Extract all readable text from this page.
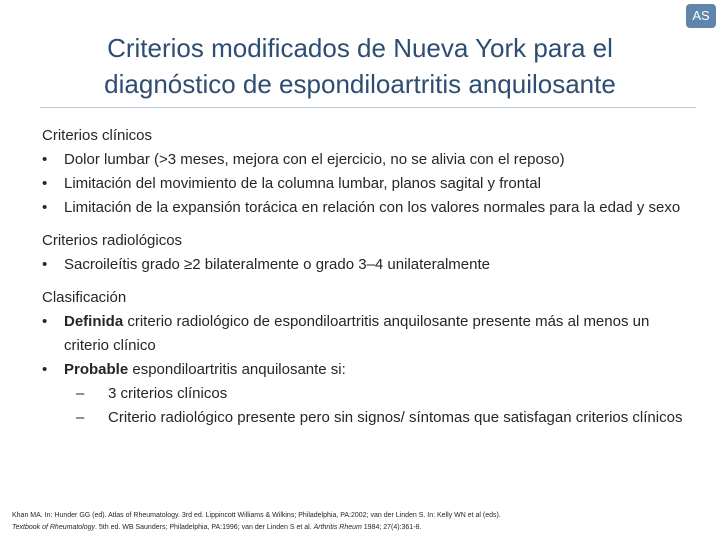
AS
Criterios modificados de Nueva York para el
diagnóstico de espondiloartritis anquilosante
Criterios clínicos
• Dolor lumbar (>3 meses, mejora con el ejercicio, no se alivia con el reposo)
• Limitación del movimiento de la columna lumbar, planos sagital y frontal
• Limitación de la expansión torácica en relación con los valores normales para la edad y sexo
Criterios radiológicos
• Sacroileítis grado ≥2 bilateralmente o grado 3–4 unilateralmente
Clasificación
• Definida criterio radiológico de espondiloartritis anquilosante presente más al menos un criterio clínico
• Probable espondiloartritis anquilosante si:
– 3 criterios clínicos
– Criterio radiológico presente pero sin signos/ síntomas que satisfagan criterios clínicos
Khan MA. In: Hunder GG (ed). Atlas of Rheumatology. 3rd ed. Lippincott Williams & Wilkins; Philadelphia, PA:2002; van der Linden S. In: Kelly WN et al (eds).
Textbook of Rheumatology. 5th ed. WB Saunders; Philadelphia, PA:1996; van der Linden S et al. Arthritis Rheum 1984; 27(4):361-8.
